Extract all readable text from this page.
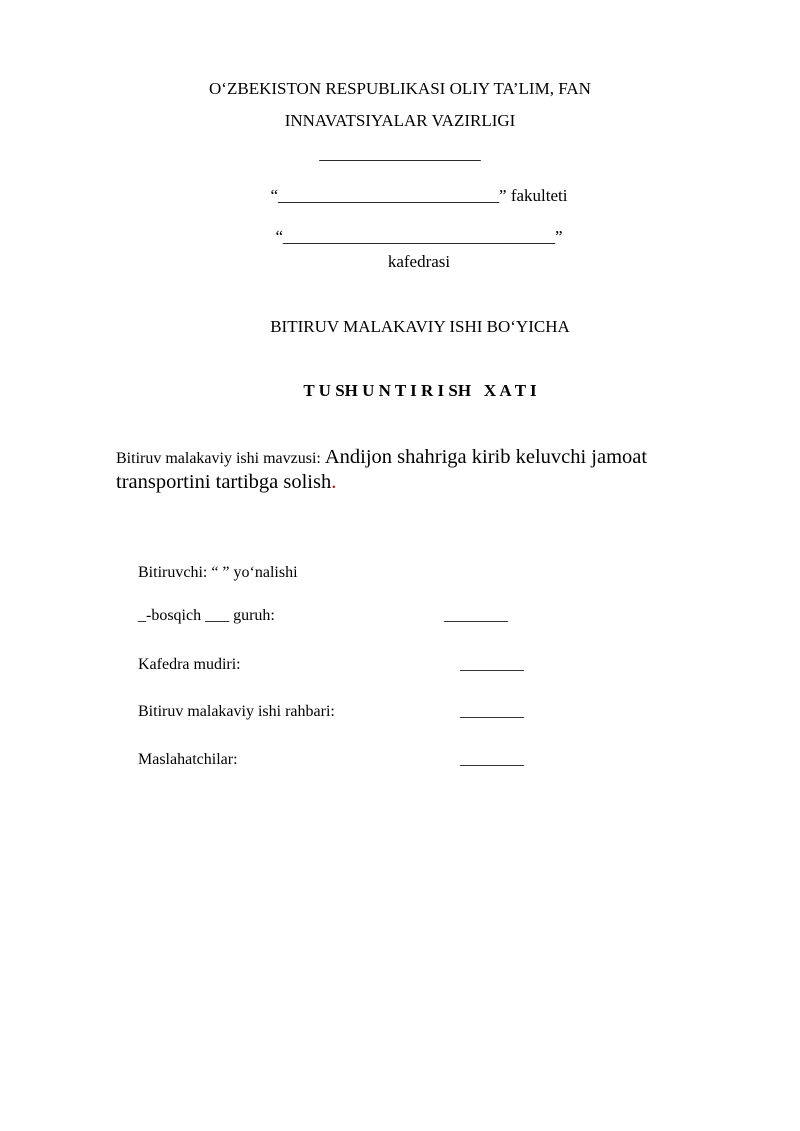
O‘ZBEKISTON RESPUBLIKASI OLIY TA’LIM, FAN
INNAVATSIYALAR VAZIRLIGI
___________________
“__________________________” fakulteti
“________________________________”
kafedrasi
BITIRUV MALAKAVIY ISHI BO‘YICHA
T U SH U N T I R I SH   X A T I
Bitiruv malakaviy ishi mavzusi: Andijon shahriga kirib keluvchi jamoat
transportini tartibga solish.
Bitiruvchi: “ ” yo‘nalishi
_-bosqich ___ guruh:	________
Kafedra mudiri:	________
Bitiruv malakaviy ishi rahbari:	________
Maslahatchilar:	________
